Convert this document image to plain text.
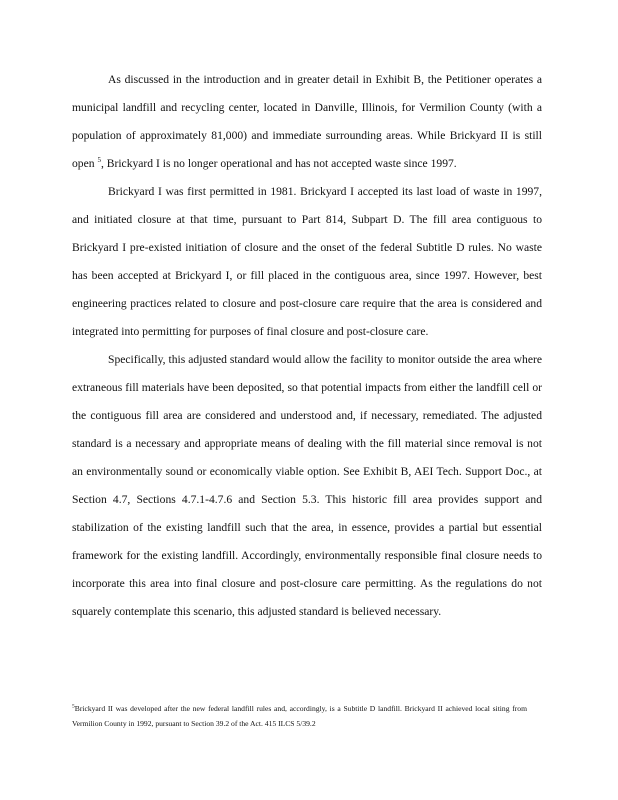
As discussed in the introduction and in greater detail in Exhibit B, the Petitioner operates a municipal landfill and recycling center, located in Danville, Illinois, for Vermilion County (with a population of approximately 81,000) and immediate surrounding areas. While Brickyard II is still open $^5$, Brickyard I is no longer operational and has not accepted waste since 1997.

Brickyard I was first permitted in 1981. Brickyard I accepted its last load of waste in 1997, and initiated closure at that time, pursuant to Part 814, Subpart D. The fill area contiguous to Brickyard I pre-existed initiation of closure and the onset of the federal Subtitle D rules. No waste has been accepted at Brickyard I, or fill placed in the contiguous area, since 1997. However, best engineering practices related to closure and post-closure care require that the area is considered and integrated into permitting for purposes of final closure and post-closure care.

Specifically, this adjusted standard would allow the facility to monitor outside the area where extraneous fill materials have been deposited, so that potential impacts from either the landfill cell or the contiguous fill area are considered and understood and, if necessary, remediated. The adjusted standard is a necessary and appropriate means of dealing with the fill material since removal is not an environmentally sound or economically viable option. See Exhibit B, AEI Tech. Support Doc., at Section 4.7, Sections 4.7.1-4.7.6 and Section 5.3. This historic fill area provides support and stabilization of the existing landfill such that the area, in essence, provides a partial but essential framework for the existing landfill. Accordingly, environmentally responsible final closure needs to incorporate this area into final closure and post-closure care permitting. As the regulations do not squarely contemplate this scenario, this adjusted standard is believed necessary.

$^5$Brickyard II was developed after the new federal landfill rules and, accordingly, is a Subtitle D landfill. Brickyard II achieved local siting from Vermilion County in 1992, pursuant to Section 39.2 of the Act. 415 ILCS 5/39.2
